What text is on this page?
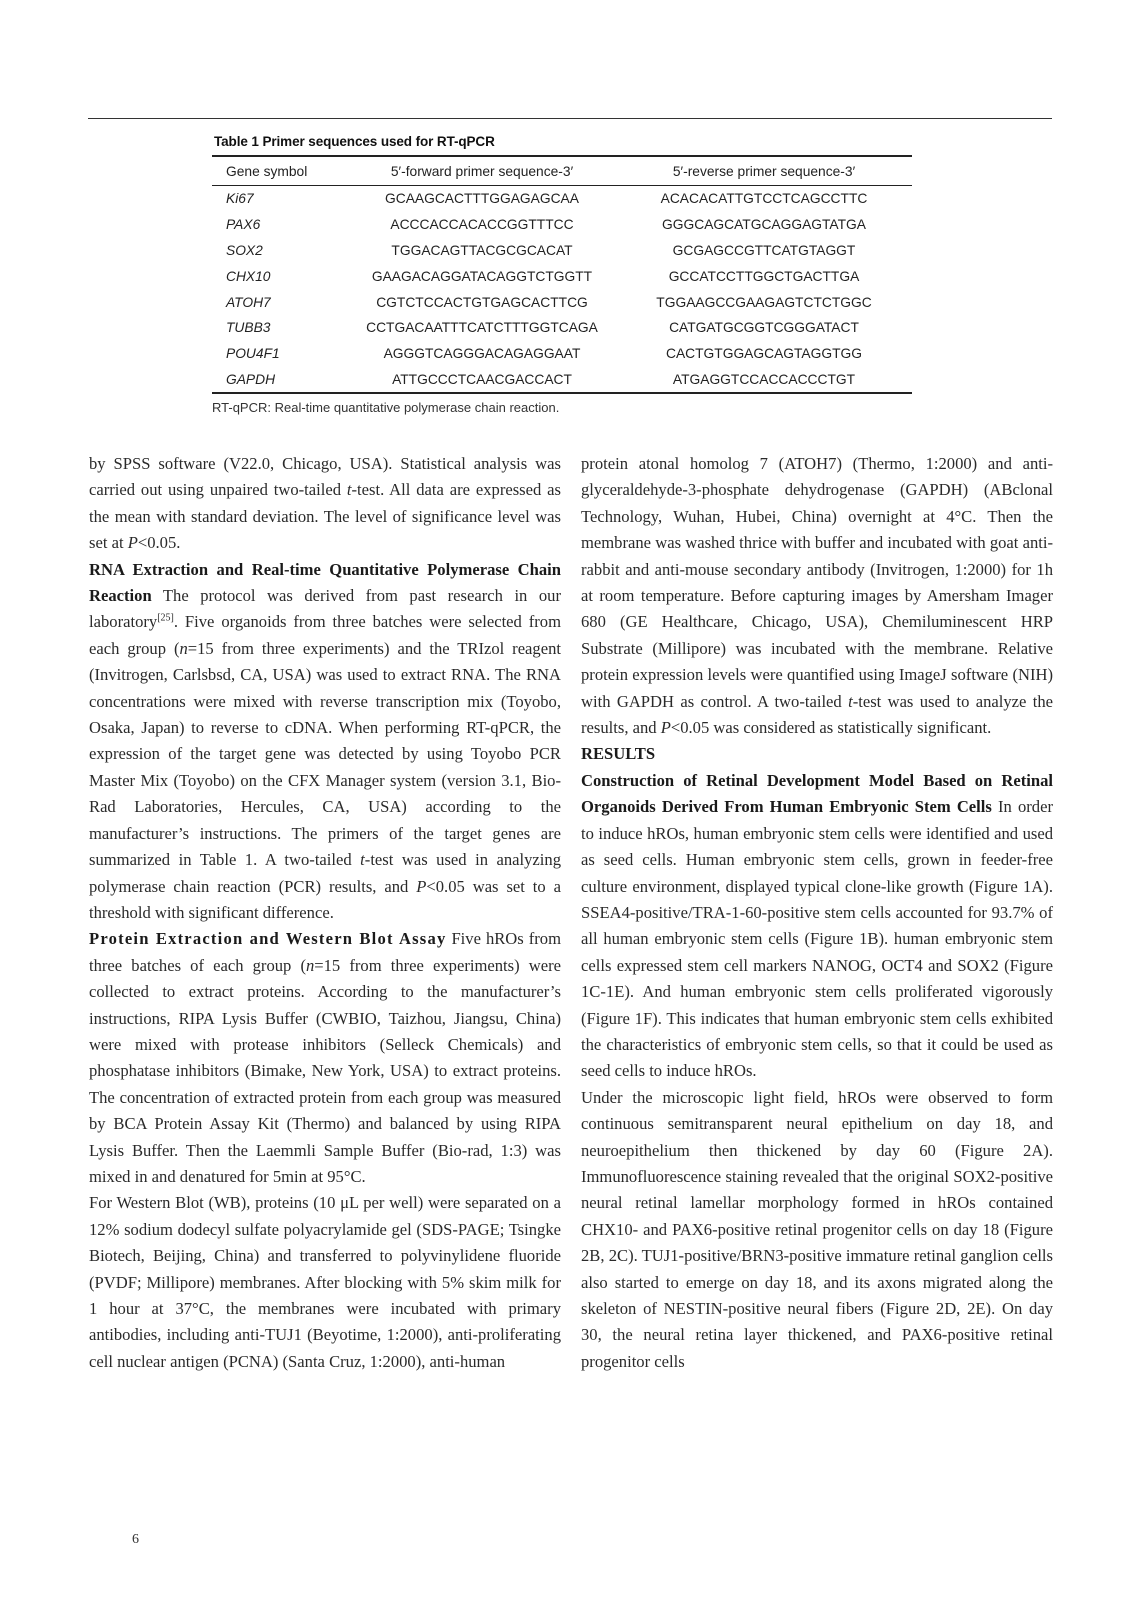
Table 1 Primer sequences used for RT-qPCR
Gene symbol	5′-forward primer sequence-3′	5′-reverse primer sequence-3′
Ki67	GCAAGCACTTTGGAGAGCAA	ACACACATTGTCCTCAGCCTTC
PAX6	ACCCACCACACCGGTTTCC	GGGCAGCATGCAGGAGTATGA
SOX2	TGGACAGTTACGCGCACAT	GCGAGCCGTTCATGTAGGT
CHX10	GAAGACAGGATACAGGTCTGGTT	GCCATCCTTGGCTGACTTGA
ATOH7	CGTCTCCACTGTGAGCACTTCG	TGGAAGCCGAAGAGTCTCTGGC
TUBB3	CCTGACAATTTCATCTTTGGTCAGA	CATGATGCGGTCGGGATACT
POU4F1	AGGGTCAGGGACAGAGGAAT	CACTGTGGAGCAGTAGGTGG
GAPDH	ATTGCCCTCAACGACCACT	ATGAGGTCCACCACCCTGT
RT-qPCR: Real-time quantitative polymerase chain reaction.

by SPSS software (V22.0, Chicago, USA). Statistical analysis was carried out using unpaired two-tailed t-test. All data are expressed as the mean with standard deviation. The level of significance level was set at P<0.05.

RNA Extraction and Real-time Quantitative Polymerase Chain Reaction The protocol was derived from past research in our laboratory[25]. Five organoids from three batches were selected from each group (n=15 from three experiments) and the TRIzol reagent (Invitrogen, Carlsbsd, CA, USA) was used to extract RNA. The RNA concentrations were mixed with reverse transcription mix (Toyobo, Osaka, Japan) to reverse to cDNA. When performing RT-qPCR, the expression of the target gene was detected by using Toyobo PCR Master Mix (Toyobo) on the CFX Manager system (version 3.1, Bio-Rad Laboratories, Hercules, CA, USA) according to the manufacturer’s instructions. The primers of the target genes are summarized in Table 1. A two-tailed t-test was used in analyzing polymerase chain reaction (PCR) results, and P<0.05 was set to a threshold with significant difference.

Protein Extraction and Western Blot Assay Five hROs from three batches of each group (n=15 from three experiments) were collected to extract proteins. According to the manufacturer’s instructions, RIPA Lysis Buffer (CWBIO, Taizhou, Jiangsu, China) were mixed with protease inhibitors (Selleck Chemicals) and phosphatase inhibitors (Bimake, New York, USA) to extract proteins. The concentration of extracted protein from each group was measured by BCA Protein Assay Kit (Thermo) and balanced by using RIPA Lysis Buffer. Then the Laemmli Sample Buffer (Bio-rad, 1:3) was mixed in and denatured for 5min at 95°C.

For Western Blot (WB), proteins (10 μL per well) were separated on a 12% sodium dodecyl sulfate polyacrylamide gel (SDS-PAGE; Tsingke Biotech, Beijing, China) and transferred to polyvinylidene fluoride (PVDF; Millipore) membranes. After blocking with 5% skim milk for 1 hour at 37°C, the membranes were incubated with primary antibodies, including anti-TUJ1 (Beyotime, 1:2000), anti-proliferating cell nuclear antigen (PCNA) (Santa Cruz, 1:2000), anti-human

protein atonal homolog 7 (ATOH7) (Thermo, 1:2000) and anti-glyceraldehyde-3-phosphate dehydrogenase (GAPDH) (ABclonal Technology, Wuhan, Hubei, China) overnight at 4°C. Then the membrane was washed thrice with buffer and incubated with goat anti-rabbit and anti-mouse secondary antibody (Invitrogen, 1:2000) for 1h at room temperature. Before capturing images by Amersham Imager 680 (GE Healthcare, Chicago, USA), Chemiluminescent HRP Substrate (Millipore) was incubated with the membrane. Relative protein expression levels were quantified using ImageJ software (NIH) with GAPDH as control. A two-tailed t-test was used to analyze the results, and P<0.05 was considered as statistically significant.

RESULTS

Construction of Retinal Development Model Based on Retinal Organoids Derived From Human Embryonic Stem Cells In order to induce hROs, human embryonic stem cells were identified and used as seed cells. Human embryonic stem cells, grown in feeder-free culture environment, displayed typical clone-like growth (Figure 1A). SSEA4-positive/TRA-1-60-positive stem cells accounted for 93.7% of all human embryonic stem cells (Figure 1B). human embryonic stem cells expressed stem cell markers NANOG, OCT4 and SOX2 (Figure 1C-1E). And human embryonic stem cells proliferated vigorously (Figure 1F). This indicates that human embryonic stem cells exhibited the characteristics of embryonic stem cells, so that it could be used as seed cells to induce hROs.

Under the microscopic light field, hROs were observed to form continuous semitransparent neural epithelium on day 18, and neuroepithelium then thickened by day 60 (Figure 2A). Immunofluorescence staining revealed that the original SOX2-positive neural retinal lamellar morphology formed in hROs contained CHX10- and PAX6-positive retinal progenitor cells on day 18 (Figure 2B, 2C). TUJ1-positive/BRN3-positive immature retinal ganglion cells also started to emerge on day 18, and its axons migrated along the skeleton of NESTIN-positive neural fibers (Figure 2D, 2E). On day 30, the neural retina layer thickened, and PAX6-positive retinal progenitor cells

6
